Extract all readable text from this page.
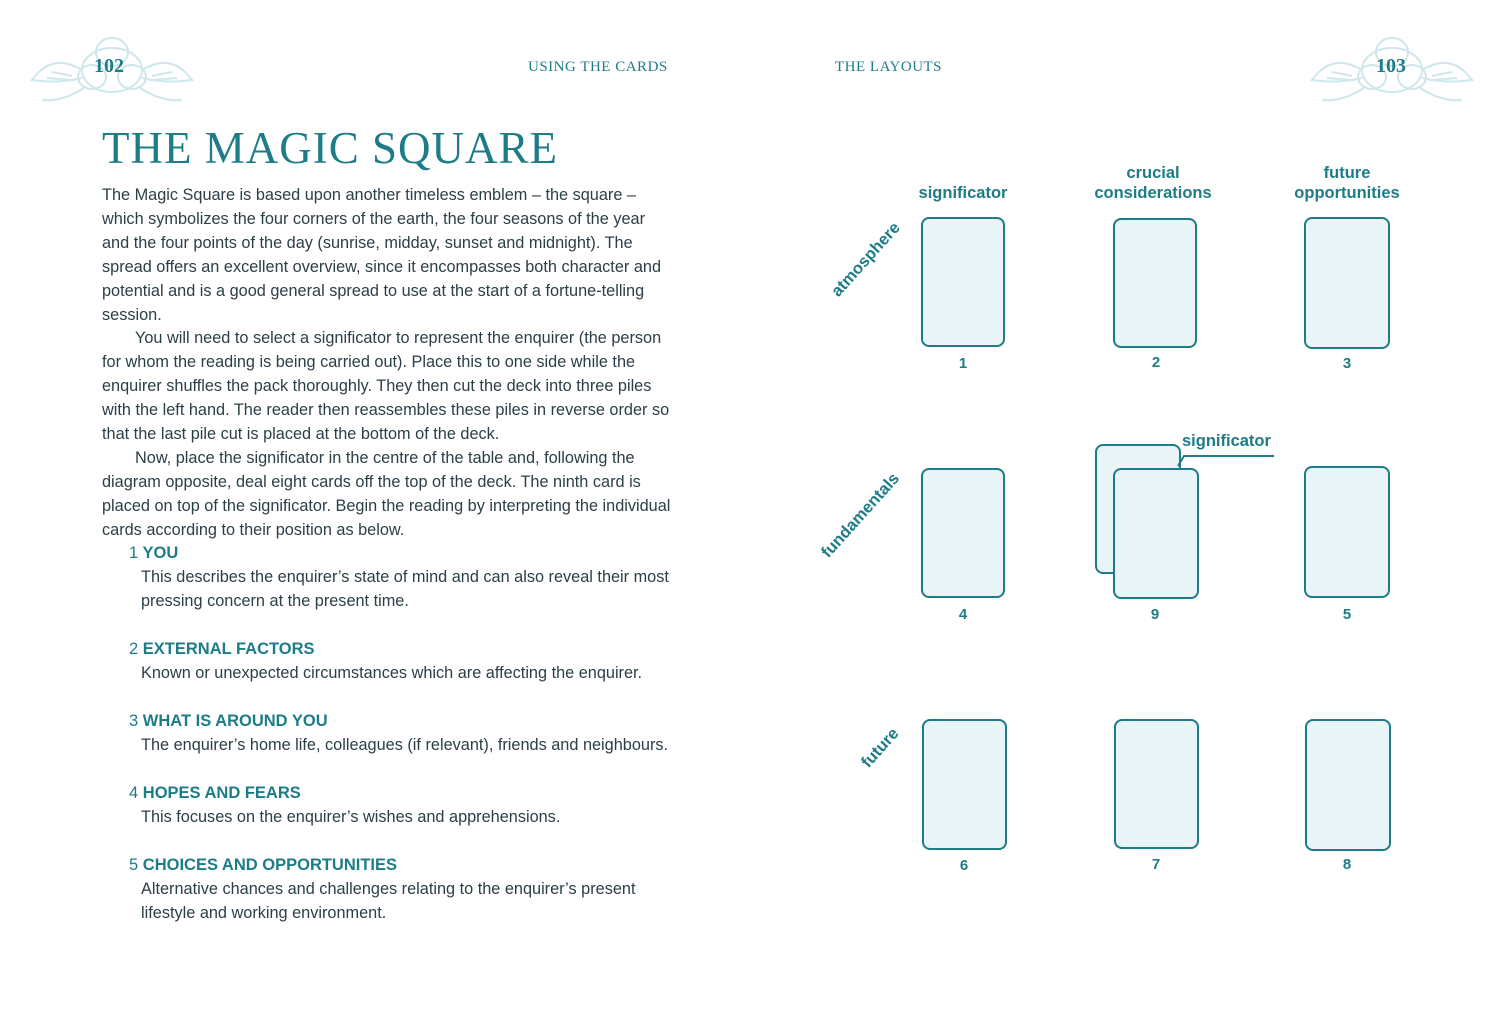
102	103
USING THE CARDS	THE LAYOUTS
THE MAGIC SQUARE

The Magic Square is based upon another timeless emblem – the square – which symbolizes the four corners of the earth, the four seasons of the year and the four points of the day (sunrise, midday, sunset and midnight). The spread offers an excellent overview, since it encompasses both character and potential and is a good general spread to use at the start of a fortune-telling session.

You will need to select a significator to represent the enquirer (the person for whom the reading is being carried out). Place this to one side while the enquirer shuffles the pack thoroughly. They then cut the deck into three piles with the left hand. The reader then reassembles these piles in reverse order so that the last pile cut is placed at the bottom of the deck.

Now, place the significator in the centre of the table and, following the diagram opposite, deal eight cards off the top of the deck. The ninth card is placed on top of the significator. Begin the reading by interpreting the individual cards according to their position as below.

1 YOU
This describes the enquirer’s state of mind and can also reveal their most pressing concern at the present time.
2 EXTERNAL FACTORS
Known or unexpected circumstances which are affecting the enquirer.
3 WHAT IS AROUND YOU
The enquirer’s home life, colleagues (if relevant), friends and neighbours.
4 HOPES AND FEARS
This focuses on the enquirer’s wishes and apprehensions.
5 CHOICES AND OPPORTUNITIES
Alternative chances and challenges relating to the enquirer’s present lifestyle and working environment.
significator
crucial considerations
future opportunities
atmosphere
fundamentals
future
1	2	3
4	9
significator
5
6	7	8
